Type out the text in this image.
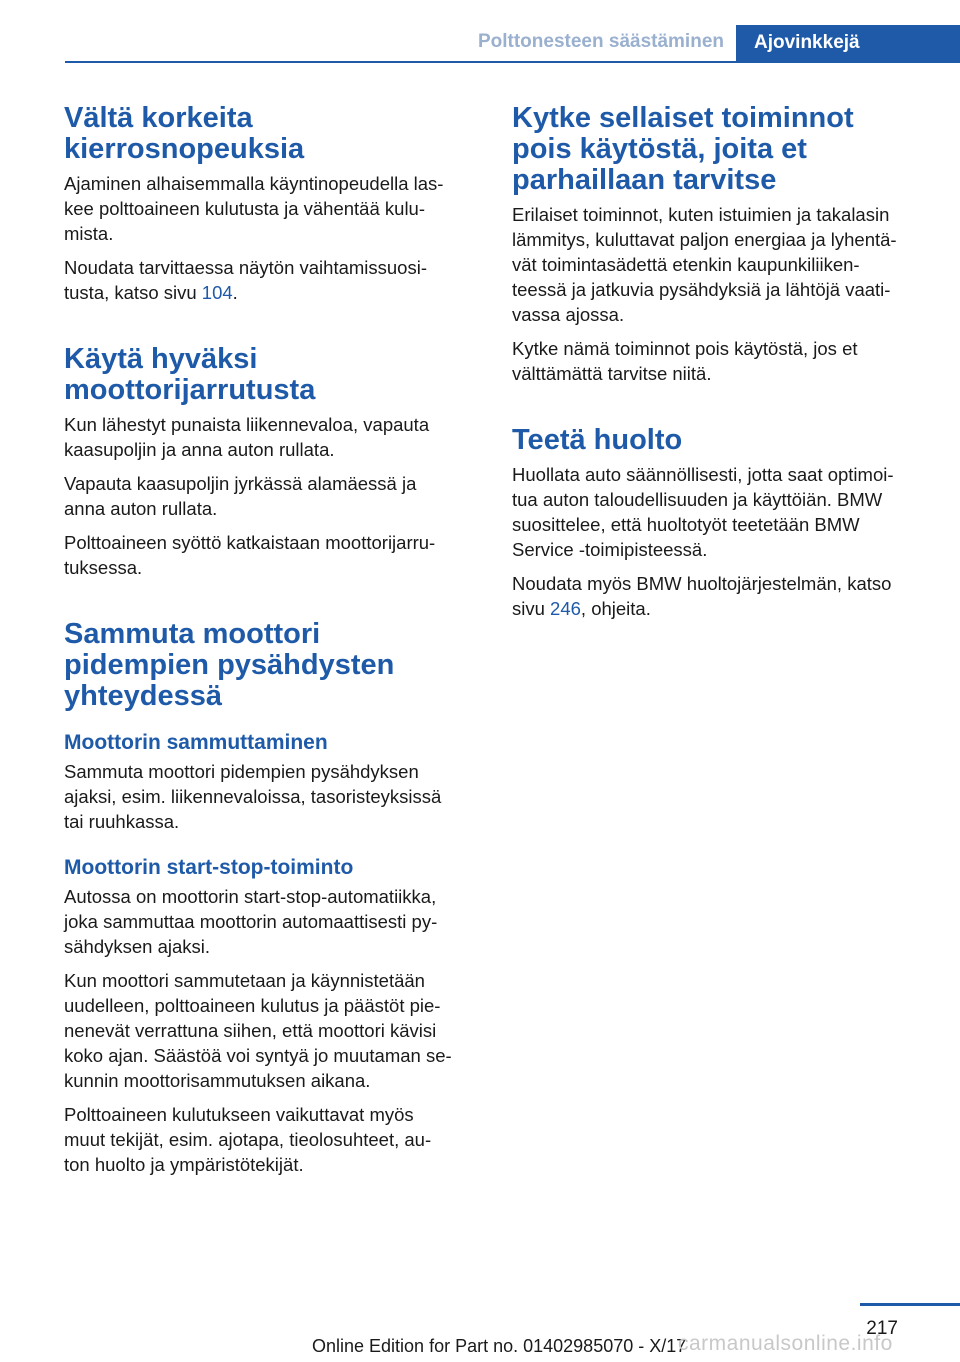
Polttonesteen säästäminen	Ajovinkkejä
Vältä korkeita
kierrosnopeuksia
Ajaminen alhaisemmalla käyntinopeudella las‐
kee polttoaineen kulutusta ja vähentää kulu‐
mista.
Noudata tarvittaessa näytön vaihtamissuosi‐
tusta, katso sivu 104.
Käytä hyväksi
moottorijarrutusta
Kun lähestyt punaista liikennevaloa, vapauta
kaasupoljin ja anna auton rullata.
Vapauta kaasupoljin jyrkässä alamäessä ja
anna auton rullata.
Polttoaineen syöttö katkaistaan moottorijarru‐
tuksessa.
Sammuta moottori
pidempien pysähdysten
yhteydessä
Moottorin sammuttaminen
Sammuta moottori pidempien pysähdyksen
ajaksi, esim. liikennevaloissa, tasoristeyksissä
tai ruuhkassa.
Moottorin start-stop-toiminto
Autossa on moottorin start-stop-automatiikka,
joka sammuttaa moottorin automaattisesti py‐
sähdyksen ajaksi.
Kun moottori sammutetaan ja käynnistetään
uudelleen, polttoaineen kulutus ja päästöt pie‐
nenevät verrattuna siihen, että moottori kävisi
koko ajan. Säästöä voi syntyä jo muutaman se‐
kunnin moottorisammutuksen aikana.
Polttoaineen kulutukseen vaikuttavat myös
muut tekijät, esim. ajotapa, tieolosuhteet, au‐
ton huolto ja ympäristötekijät.
Kytke sellaiset toiminnot
pois käytöstä, joita et
parhaillaan tarvitse
Erilaiset toiminnot, kuten istuimien ja takalasin
lämmitys, kuluttavat paljon energiaa ja lyhentä‐
vät toimintasädettä etenkin kaupunkiliiken‐
teessä ja jatkuvia pysähdyksiä ja lähtöjä vaati‐
vassa ajossa.
Kytke nämä toiminnot pois käytöstä, jos et
välttämättä tarvitse niitä.
Teetä huolto
Huollata auto säännöllisesti, jotta saat optimoi‐
tua auton taloudellisuuden ja käyttöiän. BMW
suosittelee, että huoltotyöt teetetään BMW
Service -toimipisteessä.
Noudata myös BMW huoltojärjestelmän, katso
sivu 246, ohjeita.
217
Online Edition for Part no. 01402985070 - X/17
carmanualsonline.info
